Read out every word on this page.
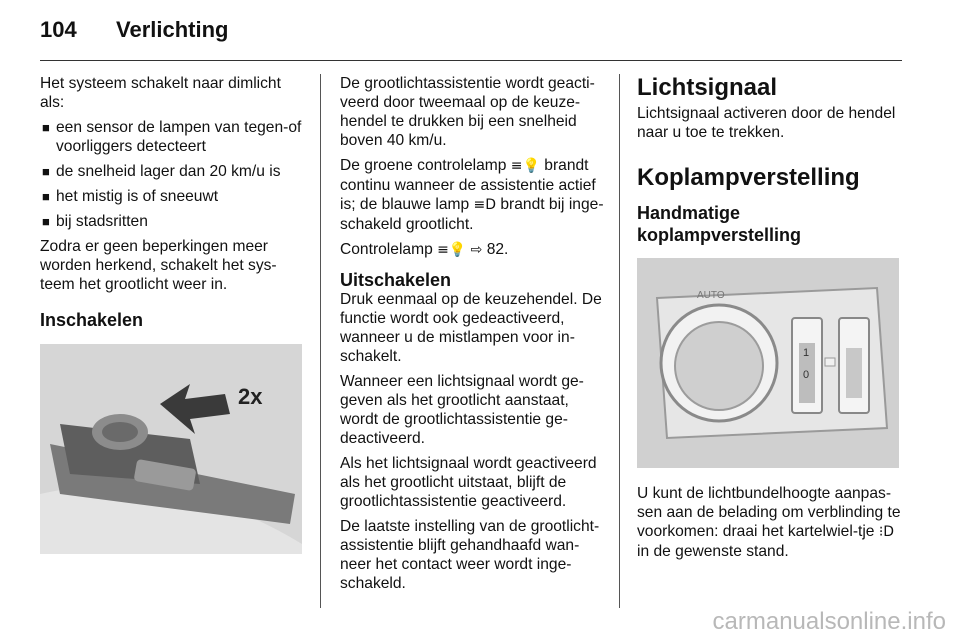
104 Verlichting

Het systeem schakelt naar dimlicht als:

■ een sensor de lampen van tegen-of voorliggers detecteert
■ de snelheid lager dan 20 km/u is
■ het mistig is of sneeuwt
■ bij stadsritten

Zodra er geen beperkingen meer worden herkend, schakelt het sys-teem het grootlicht weer in.

Inschakelen
2x

De grootlichtassistentie wordt geacti-veerd door tweemaal op de keuze-hendel te drukken bij een snelheid boven 40 km/u.

De groene controlelamp ≡💡 brandt continu wanneer de assistentie actief is; de blauwe lamp ≡D brandt bij inge-schakeld grootlicht.

Controlelamp ≡💡 ⇨ 82.

Uitschakelen

Druk eenmaal op de keuzehendel. De functie wordt ook gedeactiveerd, wanneer u de mistlampen voor in-schakelt.

Wanneer een lichtsignaal wordt ge-geven als het grootlicht aanstaat, wordt de grootlichtassistentie ge-deactiveerd.

Als het lichtsignaal wordt geactiveerd als het grootlicht uitstaat, blijft de grootlichtassistentie geactiveerd.

De laatste instelling van de grootlicht-assistentie blijft gehandhaafd wan-neer het contact weer wordt inge-schakeld.

Lichtsignaal

Lichtsignaal activeren door de hendel naar u toe te trekken.

Koplampverstelling
Handmatige
koplampverstelling
AUTO
1
0

U kunt de lichtbundelhoogte aanpas-sen aan de belading om verblinding te voorkomen: draai het kartelwiel-tje ⁝D in de gewenste stand.

carmanualsonline.info
